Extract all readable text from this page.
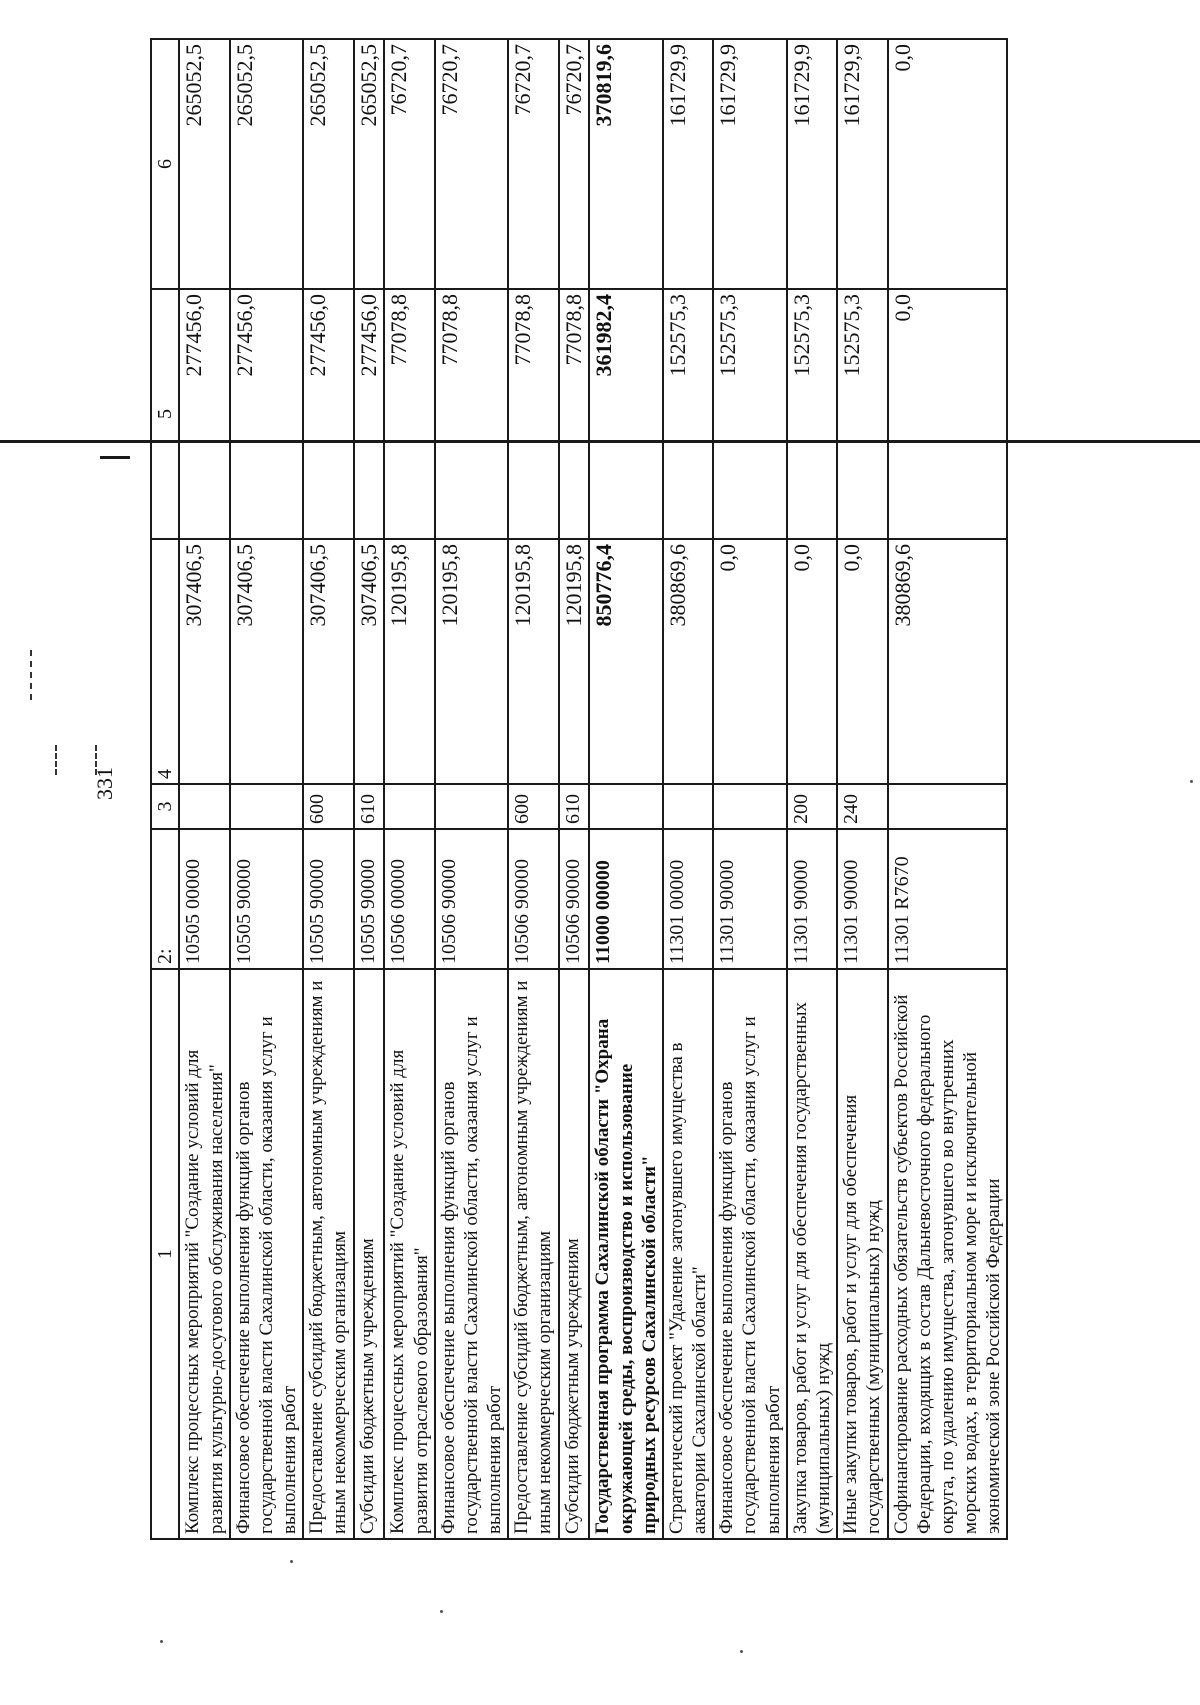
331
1	2:	3	4	5	6
Комплекс процессных мероприятий "Создание условий для развития культурно-досугового обслуживания населения"	10505 00000		307406,5	277456,0	265052,5
Финансовое обеспечение выполнения функций органов государственной власти Сахалинской области, оказания услуг и выполнения работ	10505 90000		307406,5	277456,0	265052,5
Предоставление субсидий бюджетным, автономным учреждениям и иным некоммерческим организациям	10505 90000	600	307406,5	277456,0	265052,5
Субсидии бюджетным учреждениям	10505 90000	610	307406,5	277456,0	265052,5
Комплекс процессных мероприятий "Создание условий для развития отраслевого образования"	10506 00000		120195,8	77078,8	76720,7
Финансовое обеспечение выполнения функций органов государственной власти Сахалинской области, оказания услуг и выполнения работ	10506 90000		120195,8	77078,8	76720,7
Предоставление субсидий бюджетным, автономным учреждениям и иным некоммерческим организациям	10506 90000	600	120195,8	77078,8	76720,7
Субсидии бюджетным учреждениям	10506 90000	610	120195,8	77078,8	76720,7
Государственная программа Сахалинской области "Охрана окружающей среды, воспроизводство и использование природных ресурсов Сахалинской области"	11000 00000		850776,4	361982,4	370819,6
Стратегический проект "Удаление затонувшего имущества в акватории Сахалинской области"	11301 00000		380869,6	152575,3	161729,9
Финансовое обеспечение выполнения функций органов государственной власти Сахалинской области, оказания услуг и выполнения работ	11301 90000		0,0	152575,3	161729,9
Закупка товаров, работ и услуг для обеспечения государственных (муниципальных) нужд	11301 90000	200	0,0	152575,3	161729,9
Иные закупки товаров, работ и услуг для обеспечения государственных (муниципальных) нужд	11301 90000	240	0,0	152575,3	161729,9
Софинансирование расходных обязательств субъектов Российской Федерации, входящих в состав Дальневосточного федерального округа, по удалению имущества, затонувшего во внутренних морских водах, в территориальном море и исключительной экономической зоне Российской Федерации	11301 R7670		380869,6	0,0	0,0
